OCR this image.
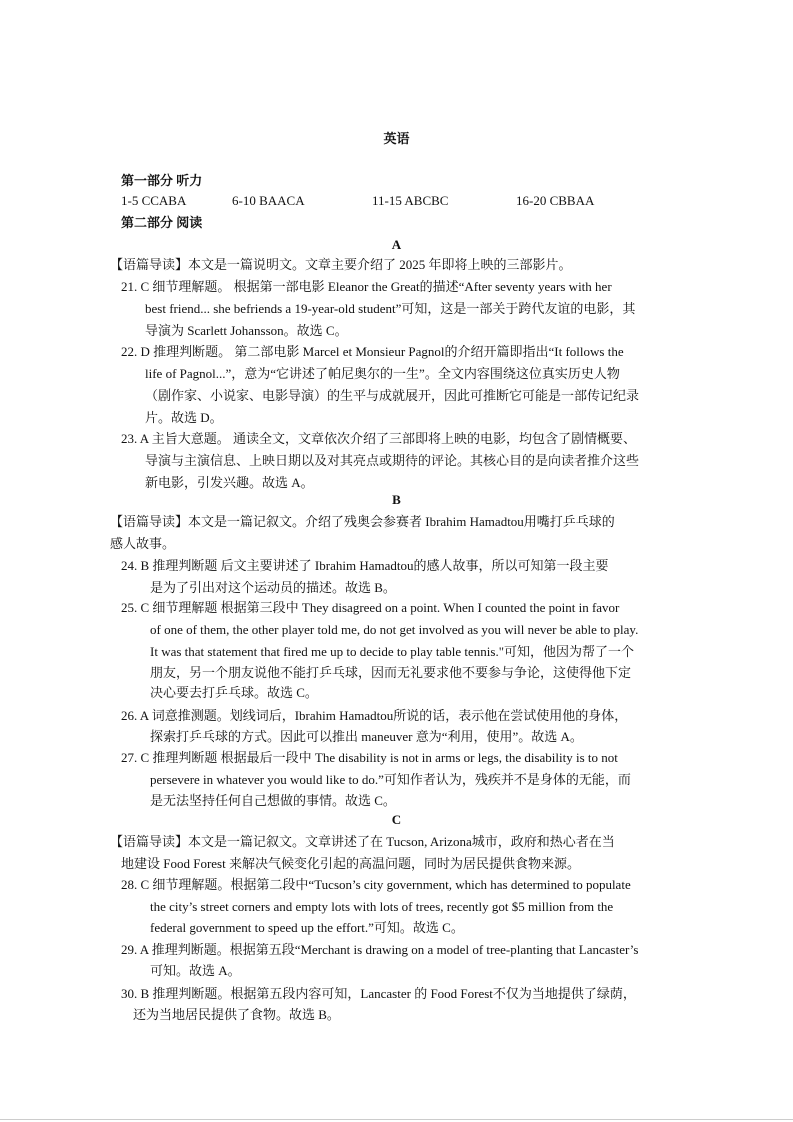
英语
第一部分 听力
1-5 CCABA	6-10 BAACA	11-15 ABCBC	16-20 CBBAA
第二部分 阅读
A
【语篇导读】本文是一篇说明文。文章主要介绍了 2025 年即将上映的三部影片。
21. C 细节理解题。 根据第一部电影 Eleanor the Great的描述“After seventy years with her
best friend... she befriends a 19-year-old student”可知，这是一部关于跨代友谊的电影，其
导演为 Scarlett Johansson。故选 C。
22. D 推理判断题。 第二部电影 Marcel et Monsieur Pagnol的介绍开篇即指出“It follows the
life of Pagnol...”，意为“它讲述了帕尼奥尔的一生”。全文内容围绕这位真实历史人物
（剧作家、小说家、电影导演）的生平与成就展开，因此可推断它可能是一部传记纪录
片。故选 D。
23. A 主旨大意题。 通读全文，文章依次介绍了三部即将上映的电影，均包含了剧情概要、
导演与主演信息、上映日期以及对其亮点或期待的评论。其核心目的是向读者推介这些
新电影，引发兴趣。故选 A。
B
【语篇导读】本文是一篇记叙文。介绍了残奥会参赛者 Ibrahim Hamadtou用嘴打乒乓球的
感人故事。
24. B 推理判断题 后文主要讲述了 Ibrahim Hamadtou的感人故事，所以可知第一段主要
是为了引出对这个运动员的描述。故选 B。
25. C 细节理解题 根据第三段中 They disagreed on a point. When I counted the point in favor
of one of them, the other player told me, do not get involved as you will never be able to play.
It was that statement that fired me up to decide to play table tennis."可知，他因为帮了一个
朋友，另一个朋友说他不能打乒乓球，因而无礼要求他不要参与争论，这使得他下定
决心要去打乒乓球。故选 C。
26. A 词意推测题。划线词后，Ibrahim Hamadtou所说的话，表示他在尝试使用他的身体，
探索打乒乓球的方式。因此可以推出 maneuver 意为“利用，使用”。故选 A。
27. C 推理判断题 根据最后一段中 The disability is not in arms or legs, the disability is to not
persevere in whatever you would like to do.”可知作者认为，残疾并不是身体的无能，而
是无法坚持任何自己想做的事情。故选 C。
C
【语篇导读】本文是一篇记叙文。文章讲述了在 Tucson, Arizona城市，政府和热心者在当
地建设 Food Forest 来解决气候变化引起的高温问题，同时为居民提供食物来源。
28. C 细节理解题。根据第二段中“Tucson’s city government, which has determined to populate
the city’s street corners and empty lots with lots of trees, recently got $5 million from the
federal government to speed up the effort.”可知。故选 C。
29. A 推理判断题。根据第五段“Merchant is drawing on a model of tree-planting that Lancaster’s
可知。故选 A。
30. B 推理判断题。根据第五段内容可知，Lancaster 的 Food Forest不仅为当地提供了绿荫，
还为当地居民提供了食物。故选 B。
